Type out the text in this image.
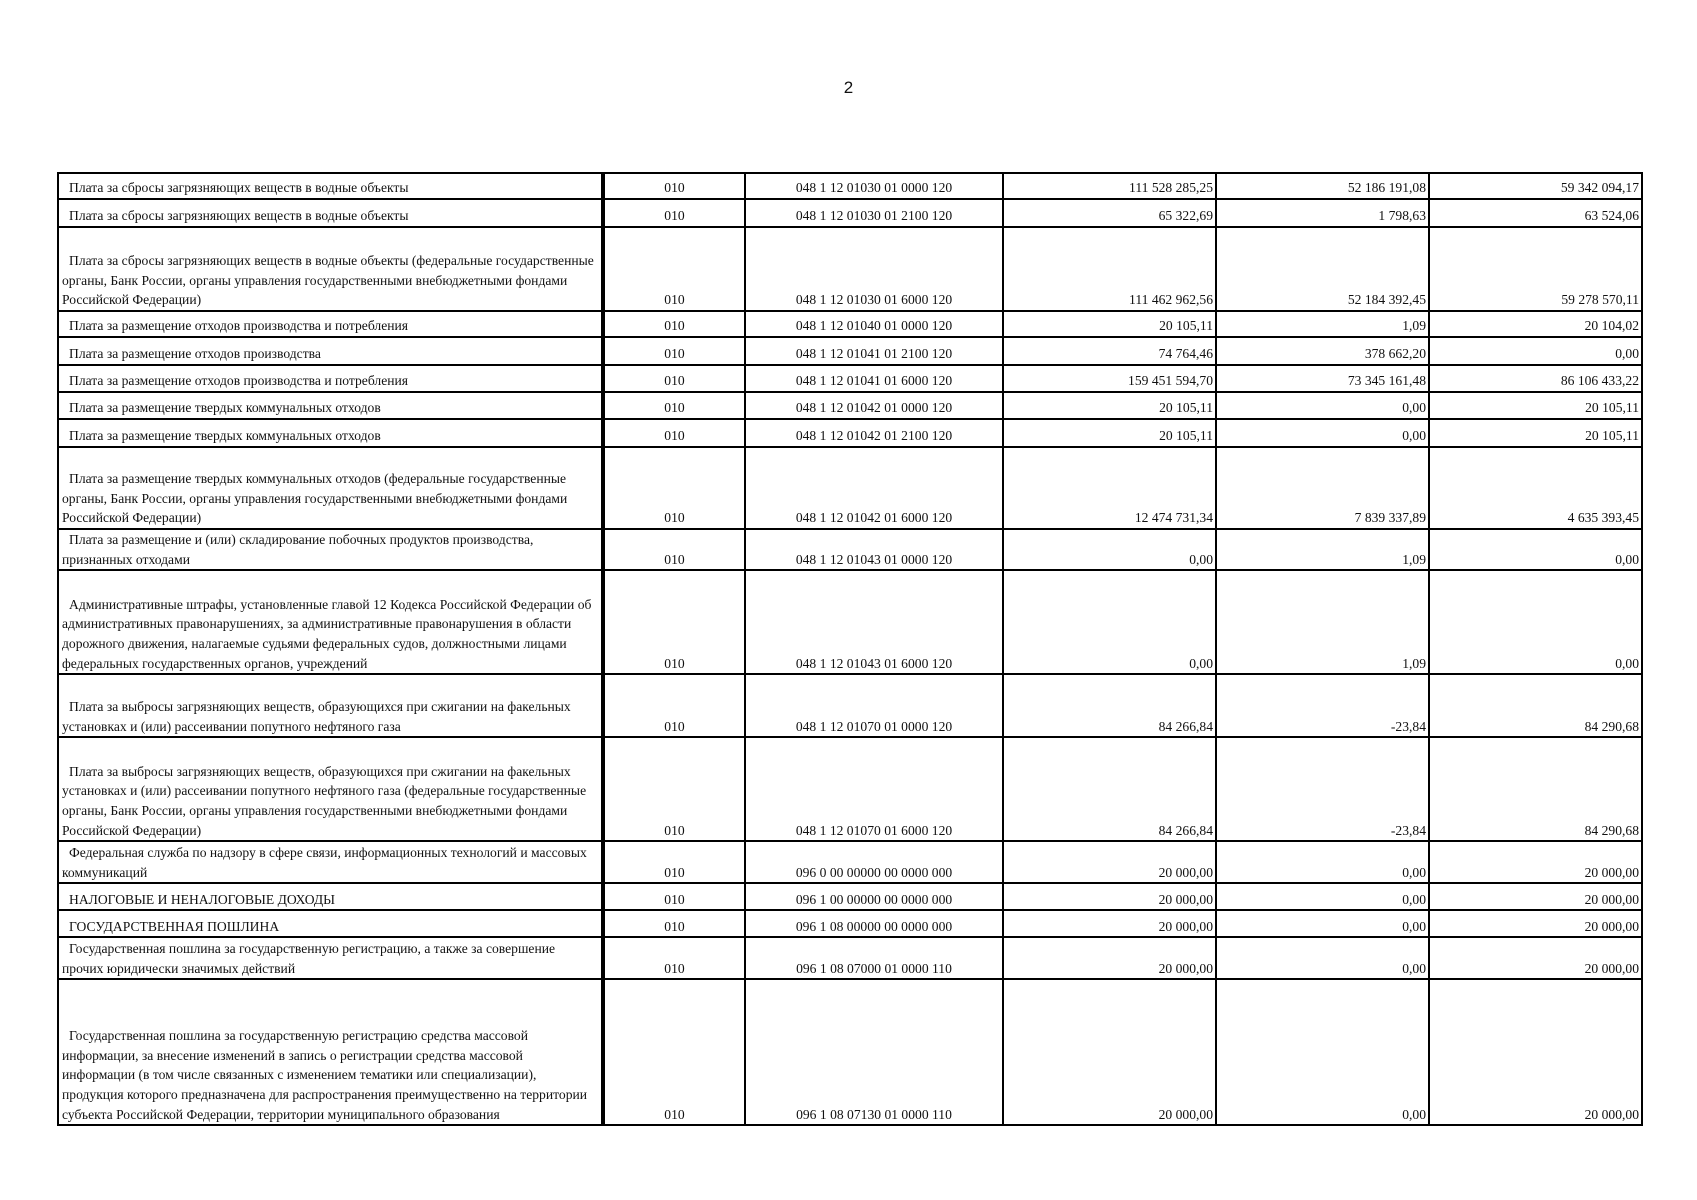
2
Плата за сбросы загрязняющих веществ в водные объекты	010	048 1 12 01030 01 0000 120	111 528 285,25	52 186 191,08	59 342 094,17

Плата за сбросы загрязняющих веществ в водные объекты	010	048 1 12 01030 01 2100 120	65 322,69	1 798,63	63 524,06

Плата за сбросы загрязняющих веществ в водные объекты (федеральные государственные органы, Банк России, органы управления государственными внебюджетными фондами Российской Федерации)	010	048 1 12 01030 01 6000 120	111 462 962,56	52 184 392,45	59 278 570,11

Плата за размещение отходов производства и потребления	010	048 1 12 01040 01 0000 120	20 105,11	1,09	20 104,02

Плата за размещение отходов производства	010	048 1 12 01041 01 2100 120	74 764,46	378 662,20	0,00

Плата за размещение отходов производства и потребления	010	048 1 12 01041 01 6000 120	159 451 594,70	73 345 161,48	86 106 433,22

Плата за размещение твердых коммунальных отходов	010	048 1 12 01042 01 0000 120	20 105,11	0,00	20 105,11

Плата за размещение твердых коммунальных отходов	010	048 1 12 01042 01 2100 120	20 105,11	0,00	20 105,11

Плата за размещение твердых коммунальных отходов (федеральные государственные органы, Банк России, органы управления государственными внебюджетными фондами Российской Федерации)	010	048 1 12 01042 01 6000 120	12 474 731,34	7 839 337,89	4 635 393,45

Плата за размещение и (или) складирование побочных продуктов производства, признанных отходами	010	048 1 12 01043 01 0000 120	0,00	1,09	0,00

Административные штрафы, установленные главой 12 Кодекса Российской Федерации об административных правонарушениях, за административные правонарушения в области дорожного движения, налагаемые судьями федеральных судов, должностными лицами федеральных государственных органов, учреждений	010	048 1 12 01043 01 6000 120	0,00	1,09	0,00

Плата за выбросы загрязняющих веществ, образующихся при сжигании на факельных установках и (или) рассеивании попутного нефтяного газа	010	048 1 12 01070 01 0000 120	84 266,84	-23,84	84 290,68

Плата за выбросы загрязняющих веществ, образующихся при сжигании на факельных установках и (или) рассеивании попутного нефтяного газа (федеральные государственные органы, Банк России, органы управления государственными внебюджетными фондами Российской Федерации)	010	048 1 12 01070 01 6000 120	84 266,84	-23,84	84 290,68

Федеральная служба по надзору в сфере связи, информационных технологий и массовых коммуникаций	010	096 0 00 00000 00 0000 000	20 000,00	0,00	20 000,00

НАЛОГОВЫЕ И НЕНАЛОГОВЫЕ ДОХОДЫ	010	096 1 00 00000 00 0000 000	20 000,00	0,00	20 000,00

ГОСУДАРСТВЕННАЯ ПОШЛИНА	010	096 1 08 00000 00 0000 000	20 000,00	0,00	20 000,00

Государственная пошлина за государственную регистрацию, а также за совершение прочих юридически значимых действий	010	096 1 08 07000 01 0000 110	20 000,00	0,00	20 000,00

Государственная пошлина за государственную регистрацию средства массовой информации, за внесение изменений в запись о регистрации средства массовой информации (в том числе связанных с изменением тематики или специализации), продукция которого предназначена для распространения преимущественно на территории субъекта Российской Федерации, территории муниципального образования	010	096 1 08 07130 01 0000 110	20 000,00	0,00	20 000,00
